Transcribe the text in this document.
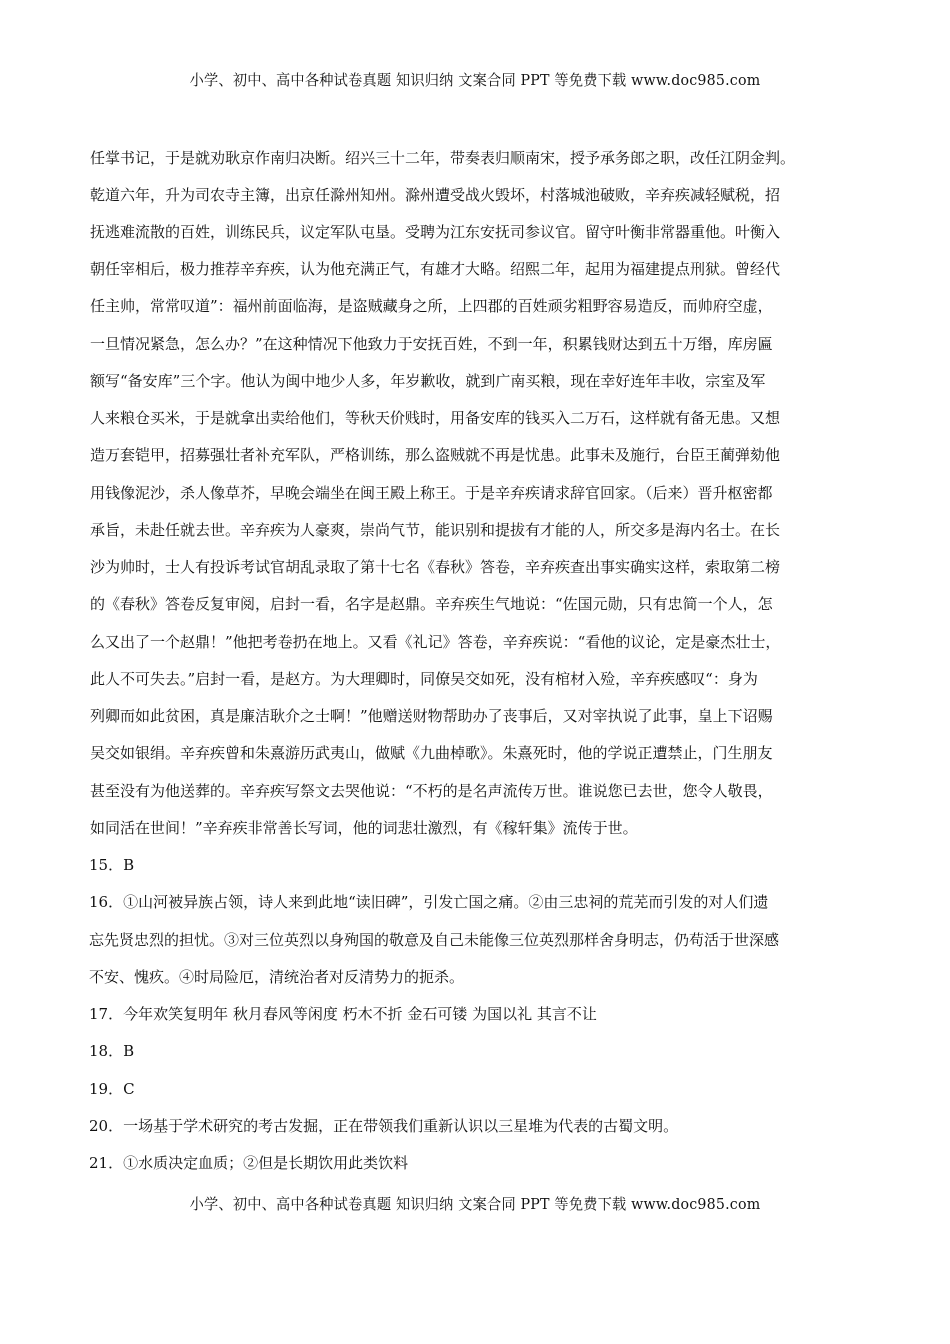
小学、初中、高中各种试卷真题 知识归纳 文案合同 PPT 等免费下载 www.doc985.com
任掌书记，于是就劝耿京作南归决断。绍兴三十二年，带奏表归顺南宋，授予承务郎之职，改任江阴金判。
乾道六年，升为司农寺主簿，出京任滁州知州。滁州遭受战火毁坏，村落城池破败，辛弃疾减轻赋税，招
抚逃难流散的百姓，训练民兵，议定军队屯垦。受聘为江东安抚司参议官。留守叶衡非常器重他。叶衡入
朝任宰相后，极力推荐辛弃疾，认为他充满正气，有雄才大略。绍熙二年，起用为福建提点刑狱。曾经代
任主帅，常常叹道”：福州前面临海，是盗贼藏身之所，上四郡的百姓顽劣粗野容易造反，而帅府空虚，
一旦情况紧急，怎么办？”在这种情况下他致力于安抚百姓，不到一年，积累钱财达到五十万缗，库房匾
额写“备安库”三个字。他认为闽中地少人多，年岁歉收，就到广南买粮，现在幸好连年丰收，宗室及军
人来粮仓买米，于是就拿出卖给他们，等秋天价贱时，用备安库的钱买入二万石，这样就有备无患。又想
造万套铠甲，招募强壮者补充军队，严格训练，那么盗贼就不再是忧患。此事未及施行，台臣王蔺弹劾他
用钱像泥沙，杀人像草芥，早晚会端坐在闽王殿上称王。于是辛弃疾请求辞官回家。（后来）晋升枢密都
承旨，未赴任就去世。辛弃疾为人豪爽，崇尚气节，能识别和提拔有才能的人，所交多是海内名士。在长
沙为帅时，士人有投诉考试官胡乱录取了第十七名《春秋》答卷，辛弃疾查出事实确实这样，索取第二榜
的《春秋》答卷反复审阅，启封一看，名字是赵鼎。辛弃疾生气地说：“佐国元勋，只有忠简一个人，怎
么又出了一个赵鼎！”他把考卷扔在地上。又看《礼记》答卷，辛弃疾说：“看他的议论，定是豪杰壮士，
此人不可失去。”启封一看，是赵方。为大理卿时，同僚吴交如死，没有棺材入殓，辛弃疾感叹“：身为
列卿而如此贫困，真是廉洁耿介之士啊！”他赠送财物帮助办了丧事后，又对宰执说了此事，皇上下诏赐
吴交如银绢。辛弃疾曾和朱熹游历武夷山，做赋《九曲棹歌》。朱熹死时，他的学说正遭禁止，门生朋友
甚至没有为他送葬的。辛弃疾写祭文去哭他说：“不朽的是名声流传万世。谁说您已去世，您令人敬畏，
如同活在世间！”辛弃疾非常善长写词，他的词悲壮激烈，有《稼轩集》流传于世。
15．B
16．①山河被异族占领，诗人来到此地“读旧碑”，引发亡国之痛。②由三忠祠的荒芜而引发的对人们遗
忘先贤忠烈的担忧。③对三位英烈以身殉国的敬意及自己未能像三位英烈那样舍身明志，仍苟活于世深感
不安、愧疚。④时局险厄，清统治者对反清势力的扼杀。
17．今年欢笑复明年 秋月春风等闲度 朽木不折 金石可镂 为国以礼 其言不让
18．B
19．C
20．一场基于学术研究的考古发掘，正在带领我们重新认识以三星堆为代表的古蜀文明。
21．①水质决定血质；②但是长期饮用此类饮料
小学、初中、高中各种试卷真题 知识归纳 文案合同 PPT 等免费下载 www.doc985.com
